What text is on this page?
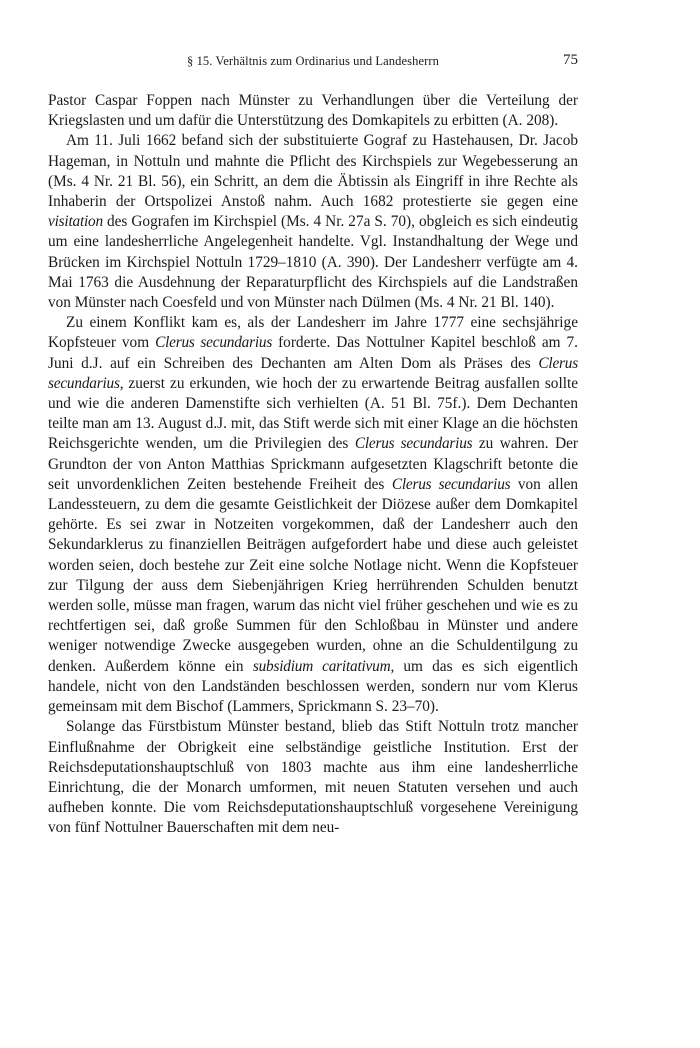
§ 15. Verhältnis zum Ordinarius und Landesherrn	75

Pastor Caspar Foppen nach Münster zu Verhandlungen über die Verteilung der Kriegslasten und um dafür die Unterstützung des Domkapitels zu erbitten (A. 208).

Am 11. Juli 1662 befand sich der substituierte Gograf zu Hastehausen, Dr. Jacob Hageman, in Nottuln und mahnte die Pflicht des Kirchspiels zur Wegebesserung an (Ms. 4 Nr. 21 Bl. 56), ein Schritt, an dem die Äbtissin als Eingriff in ihre Rechte als Inhaberin der Ortspolizei Anstoß nahm. Auch 1682 protestierte sie gegen eine visitation des Gografen im Kirchspiel (Ms. 4 Nr. 27a S. 70), obgleich es sich eindeutig um eine landesherrliche Angelegenheit handelte. Vgl. Instandhaltung der Wege und Brücken im Kirchspiel Nottuln 1729–1810 (A. 390). Der Landesherr verfügte am 4. Mai 1763 die Ausdehnung der Reparaturpflicht des Kirchspiels auf die Landstraßen von Münster nach Coesfeld und von Münster nach Dülmen (Ms. 4 Nr. 21 Bl. 140).

Zu einem Konflikt kam es, als der Landesherr im Jahre 1777 eine sechsjährige Kopfsteuer vom Clerus secundarius forderte. Das Nottulner Kapitel beschloß am 7. Juni d.J. auf ein Schreiben des Dechanten am Alten Dom als Präses des Clerus secundarius, zuerst zu erkunden, wie hoch der zu erwartende Beitrag ausfallen sollte und wie die anderen Damenstifte sich verhielten (A. 51 Bl. 75f.). Dem Dechanten teilte man am 13. August d.J. mit, das Stift werde sich mit einer Klage an die höchsten Reichsgerichte wenden, um die Privilegien des Clerus secundarius zu wahren. Der Grundton der von Anton Matthias Sprickmann aufgesetzten Klagschrift betonte die seit unvordenklichen Zeiten bestehende Freiheit des Clerus secundarius von allen Landessteuern, zu dem die gesamte Geistlichkeit der Diözese außer dem Domkapitel gehörte. Es sei zwar in Notzeiten vorgekommen, daß der Landesherr auch den Sekundarklerus zu finanziellen Beiträgen aufgefordert habe und diese auch geleistet worden seien, doch bestehe zur Zeit eine solche Notlage nicht. Wenn die Kopfsteuer zur Tilgung der auss dem Siebenjährigen Krieg herrührenden Schulden benutzt werden solle, müsse man fragen, warum das nicht viel früher geschehen und wie es zu rechtfertigen sei, daß große Summen für den Schloßbau in Münster und andere weniger notwendige Zwecke ausgegeben wurden, ohne an die Schuldentilgung zu denken. Außerdem könne ein subsidium caritativum, um das es sich eigentlich handele, nicht von den Landständen beschlossen werden, sondern nur vom Klerus gemeinsam mit dem Bischof (Lammers, Sprickmann S. 23–70).

Solange das Fürstbistum Münster bestand, blieb das Stift Nottuln trotz mancher Einflußnahme der Obrigkeit eine selbständige geistliche Institution. Erst der Reichsdeputationshauptschluß von 1803 machte aus ihm eine landesherrliche Einrichtung, die der Monarch umformen, mit neuen Statuten versehen und auch aufheben konnte. Die vom Reichsdeputationshauptschluß vorgesehene Vereinigung von fünf Nottulner Bauerschaften mit dem neu-
